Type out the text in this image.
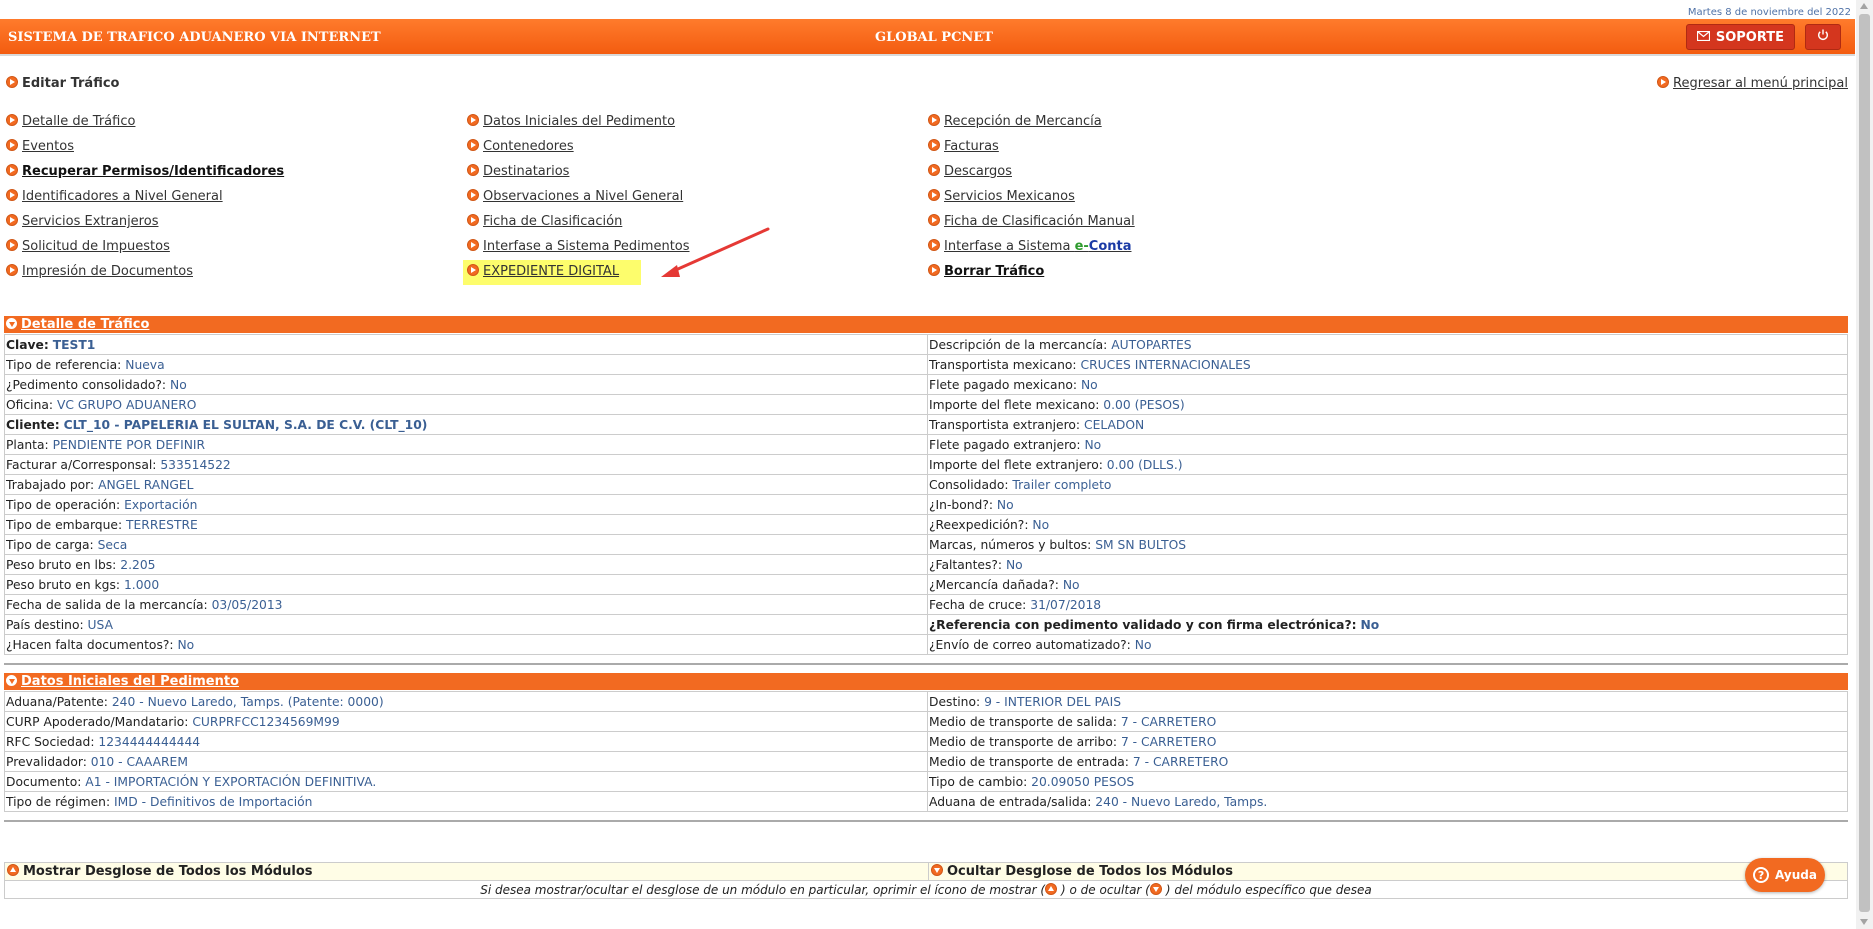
Martes 8 de noviembre del 2022
SISTEMA DE TRAFICO ADUANERO VIA INTERNET	GLOBAL PCNET	SOPORTE
Editar Tráfico	Regresar al menú principal
Detalle de Tráfico
Eventos
Recuperar Permisos/Identificadores
Identificadores a Nivel General
Servicios Extranjeros
Solicitud de Impuestos
Impresión de Documentos
Datos Iniciales del Pedimento
Contenedores
Destinatarios
Observaciones a Nivel General
Ficha de Clasificación
Interfase a Sistema Pedimentos
EXPEDIENTE DIGITAL
Recepción de Mercancía
Facturas
Descargos
Servicios Mexicanos
Ficha de Clasificación Manual
Interfase a Sistema e-Conta
Borrar Tráfico
Detalle de Tráfico
Clave: TEST1	Descripción de la mercancía: AUTOPARTES
Tipo de referencia: Nueva	Transportista mexicano: CRUCES INTERNACIONALES
¿Pedimento consolidado?: No	Flete pagado mexicano: No
Oficina: VC GRUPO ADUANERO	Importe del flete mexicano: 0.00 (PESOS)
Cliente: CLT_10 - PAPELERIA EL SULTAN, S.A. DE C.V. (CLT_10)	Transportista extranjero: CELADON
Planta: PENDIENTE POR DEFINIR	Flete pagado extranjero: No
Facturar a/Corresponsal: 533514522	Importe del flete extranjero: 0.00 (DLLS.)
Trabajado por: ANGEL RANGEL	Consolidado: Trailer completo
Tipo de operación: Exportación	¿In-bond?: No
Tipo de embarque: TERRESTRE	¿Reexpedición?: No
Tipo de carga: Seca	Marcas, números y bultos: SM SN BULTOS
Peso bruto en lbs: 2.205	¿Faltantes?: No
Peso bruto en kgs: 1.000	¿Mercancía dañada?: No
Fecha de salida de la mercancía: 03/05/2013	Fecha de cruce: 31/07/2018
País destino: USA	¿Referencia con pedimento validado y con firma electrónica?: No
¿Hacen falta documentos?: No	¿Envío de correo automatizado?: No
Datos Iniciales del Pedimento
Aduana/Patente: 240 - Nuevo Laredo, Tamps. (Patente: 0000)	Destino: 9 - INTERIOR DEL PAIS
CURP Apoderado/Mandatario: CURPRFCC1234569M99	Medio de transporte de salida: 7 - CARRETERO
RFC Sociedad: 1234444444444	Medio de transporte de arribo: 7 - CARRETERO
Prevalidador: 010 - CAAAREM	Medio de transporte de entrada: 7 - CARRETERO
Documento: A1 - IMPORTACIÓN Y EXPORTACIÓN DEFINITIVA.	Tipo de cambio: 20.09050 PESOS
Tipo de régimen: IMD - Definitivos de Importación	Aduana de entrada/salida: 240 - Nuevo Laredo, Tamps.
Mostrar Desglose de Todos los Módulos	Ocultar Desglose de Todos los Módulos
Si desea mostrar/ocultar el desglose de un módulo en particular, oprimir el ícono de mostrar ( ) o de ocultar ( ) del módulo específico que desea
? Ayuda
